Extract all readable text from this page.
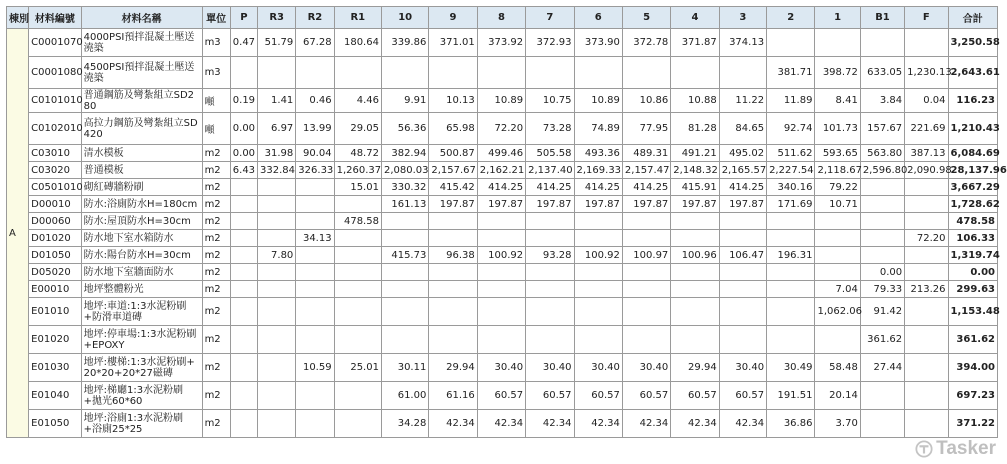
棟別	材料編號	材料名稱	單位	P	R3	R2	R1	10	9	8	7	6	5	4	3	2	1	B1	F	合計
A	C0001070	4000PSI預拌混凝土壓送澆築	m3	0.47	51.79	67.28	180.64	339.86	371.01	373.92	372.93	373.90	372.78	371.87	374.13					3,250.58
	C0001080	4500PSI預拌混凝土壓送澆築	m3													381.71	398.72	633.05	1,230.13	2,643.61
	C0101010	普通鋼筋及彎紮組立SD280	噸	0.19	1.41	0.46	4.46	9.91	10.13	10.89	10.75	10.89	10.86	10.88	11.22	11.89	8.41	3.84	0.04	116.23
	C0102010	高拉力鋼筋及彎紮組立SD420	噸	0.00	6.97	13.99	29.05	56.36	65.98	72.20	73.28	74.89	77.95	81.28	84.65	92.74	101.73	157.67	221.69	1,210.43
	C03010	清水模板	m2	0.00	31.98	90.04	48.72	382.94	500.87	499.46	505.58	493.36	489.31	491.21	495.02	511.62	593.65	563.80	387.13	6,084.69
	C03020	普通模板	m2	6.43	332.84	326.33	1,260.37	2,080.03	2,157.67	2,162.21	2,137.40	2,169.33	2,157.47	2,148.32	2,165.57	2,227.54	2,118.67	2,596.80	2,090.98	28,137.96
	C0501010	砌紅磚牆粉刷	m2				15.01	330.32	415.42	414.25	414.25	414.25	414.25	415.91	414.25	340.16	79.22			3,667.29
	D00010	防水:浴廁防水H=180cm	m2					161.13	197.87	197.87	197.87	197.87	197.87	197.87	197.87	171.69	10.71			1,728.62
	D00060	防水:屋頂防水H=30cm	m2				478.58													478.58
	D01020	防水地下室水箱防水	m2			34.13													72.20	106.33
	D01050	防水:陽台防水H=30cm	m2		7.80			415.73	96.38	100.92	93.28	100.92	100.97	100.96	106.47	196.31				1,319.74
	D05020	防水地下室牆面防水	m2															0.00		0.00
	E00010	地坪整體粉光	m2														7.04	79.33	213.26	299.63
	E01010	地坪:車道:1:3水泥粉刷+防滑車道磚	m2														1,062.06	91.42		1,153.48
	E01020	地坪:停車場:1:3水泥粉刷+EPOXY	m2															361.62		361.62
	E01030	地坪:樓梯:1:3水泥粉刷+20*20+20*27磁磚	m2			10.59	25.01	30.11	29.94	30.40	30.40	30.40	30.40	29.94	30.40	30.49	58.48	27.44		394.00
	E01040	地坪:梯廳1:3水泥粉刷+拋光60*60	m2					61.00	61.16	60.57	60.57	60.57	60.57	60.57	60.57	191.51	20.14			697.23
	E01050	地坪:浴廁1:3水泥粉刷+浴廁25*25	m2					34.28	42.34	42.34	42.34	42.34	42.34	42.34	42.34	36.86	3.70			371.22
Tasker
